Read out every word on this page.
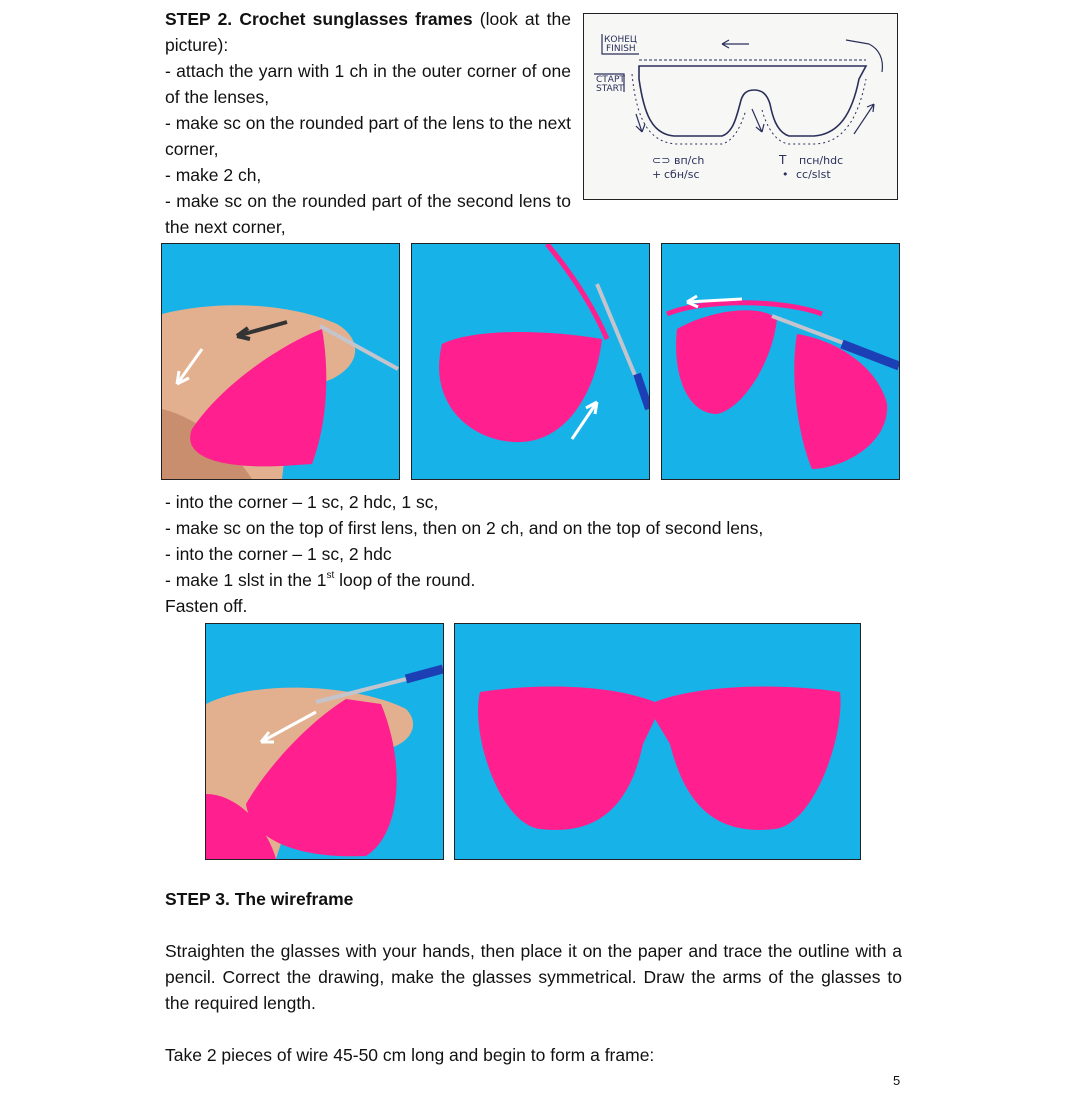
STEP 2. Crochet sunglasses frames (look at the picture):
- attach the yarn with 1 ch in the outer corner of one of the lenses,
- make sc on the rounded part of the lens to the next corner,
- make 2 ch,
- make sc on the rounded part of the second lens to the next corner,
КОНЕЦ
FINISH
СТАРТ
START
⊂⊃ вп/ch
+ сбн/sc
T псн/hdc
• сс/slst
- into the corner – 1 sc, 2 hdc, 1 sc,
- make sc on the top of first lens, then on 2 ch, and on the top of second lens,
- into the corner – 1 sc, 2 hdc
- make 1 slst in the 1st loop of the round.
Fasten off.
STEP 3. The wireframe
Straighten the glasses with your hands, then place it on the paper and trace the outline with a pencil. Correct the drawing, make the glasses symmetrical. Draw the arms of the glasses to the required length.
Take 2 pieces of wire 45-50 cm long and begin to form a frame:
5
